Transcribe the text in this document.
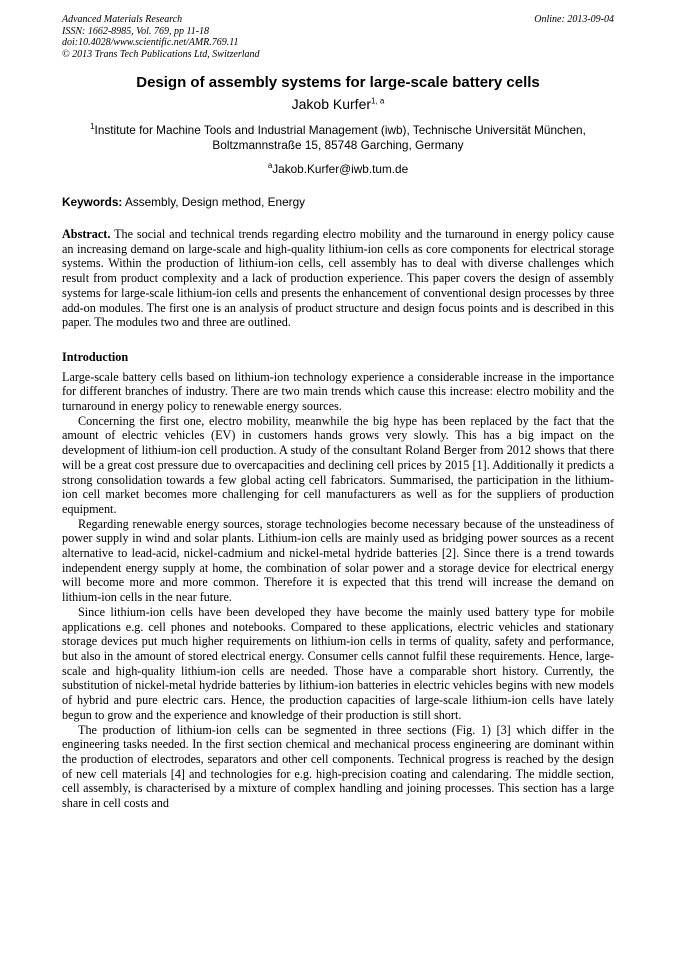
Advanced Materials Research
ISSN: 1662-8985, Vol. 769, pp 11-18
doi:10.4028/www.scientific.net/AMR.769.11
© 2013 Trans Tech Publications Ltd, Switzerland
Online: 2013-09-04
Design of assembly systems for large-scale battery cells
Jakob Kurfer$^{1, a}$
$^1$Institute for Machine Tools and Industrial Management (iwb), Technische Universität München,
Boltzmannstraße 15, 85748 Garching, Germany
$^a$Jakob.Kurfer@iwb.tum.de
Keywords: Assembly, Design method, Energy
Abstract. The social and technical trends regarding electro mobility and the turnaround in energy policy cause an increasing demand on large-scale and high-quality lithium-ion cells as core components for electrical storage systems. Within the production of lithium-ion cells, cell assembly has to deal with diverse challenges which result from product complexity and a lack of production experience. This paper covers the design of assembly systems for large-scale lithium-ion cells and presents the enhancement of conventional design processes by three add-on modules. The first one is an analysis of product structure and design focus points and is described in this paper. The modules two and three are outlined.
Introduction

Large-scale battery cells based on lithium-ion technology experience a considerable increase in the importance for different branches of industry. There are two main trends which cause this increase: electro mobility and the turnaround in energy policy to renewable energy sources.

Concerning the first one, electro mobility, meanwhile the big hype has been replaced by the fact that the amount of electric vehicles (EV) in customers hands grows very slowly. This has a big impact on the development of lithium-ion cell production. A study of the consultant Roland Berger from 2012 shows that there will be a great cost pressure due to overcapacities and declining cell prices by 2015 [1]. Additionally it predicts a strong consolidation towards a few global acting cell fabricators. Summarised, the participation in the lithium-ion cell market becomes more challenging for cell manufacturers as well as for the suppliers of production equipment.

Regarding renewable energy sources, storage technologies become necessary because of the unsteadiness of power supply in wind and solar plants. Lithium-ion cells are mainly used as bridging power sources as a recent alternative to lead-acid, nickel-cadmium and nickel-metal hydride batteries [2]. Since there is a trend towards independent energy supply at home, the combination of solar power and a storage device for electrical energy will become more and more common. Therefore it is expected that this trend will increase the demand on lithium-ion cells in the near future.

Since lithium-ion cells have been developed they have become the mainly used battery type for mobile applications e.g. cell phones and notebooks. Compared to these applications, electric vehicles and stationary storage devices put much higher requirements on lithium-ion cells in terms of quality, safety and performance, but also in the amount of stored electrical energy. Consumer cells cannot fulfil these requirements. Hence, large-scale and high-quality lithium-ion cells are needed. Those have a comparable short history. Currently, the substitution of nickel-metal hydride batteries by lithium-ion batteries in electric vehicles begins with new models of hybrid and pure electric cars. Hence, the production capacities of large-scale lithium-ion cells have lately begun to grow and the experience and knowledge of their production is still short.

The production of lithium-ion cells can be segmented in three sections (Fig. 1) [3] which differ in the engineering tasks needed. In the first section chemical and mechanical process engineering are dominant within the production of electrodes, separators and other cell components. Technical progress is reached by the design of new cell materials [4] and technologies for e.g. high-precision coating and calendaring. The middle section, cell assembly, is characterised by a mixture of complex handling and joining processes. This section has a large share in cell costs and
